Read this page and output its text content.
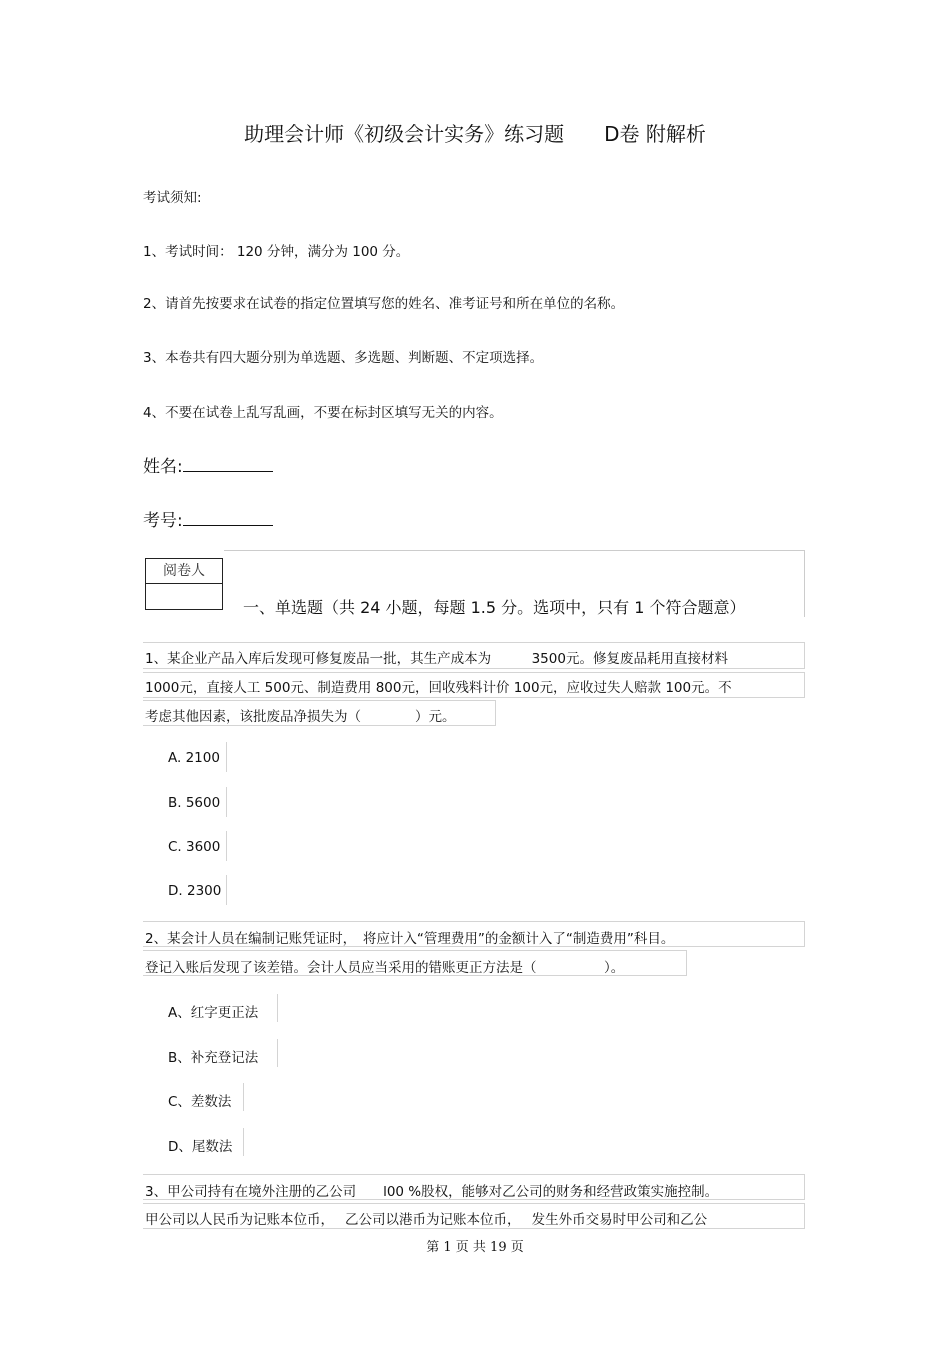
助理会计师《初级会计实务》练习题　　D卷 附解析
考试须知:
1、考试时间： 120 分钟，满分为 100 分。
2、请首先按要求在试卷的指定位置填写您的姓名、准考证号和所在单位的名称。
3、本卷共有四大题分别为单选题、多选题、判断题、不定项选择。
4、不要在试卷上乱写乱画，不要在标封区填写无关的内容。
姓名:
考号:
阅卷人
一、单选题（共 24 小题，每题 1.5 分。选项中，只有 1 个符合题意）
1、某企业产品入库后发现可修复废品一批，其生产成本为　　　3500元。修复废品耗用直接材料
1000元，直接人工 500元、制造费用 800元，回收残料计价 100元，应收过失人赔款 100元。不
考虑其他因素，该批废品净损失为（　　　　）元。
A. 2100
B. 5600
C. 3600
D. 2300
2、某会计人员在编制记账凭证时，　将应计入“管理费用”的金额计入了“制造费用”科目。
登记入账后发现了该差错。会计人员应当采用的错账更正方法是（　　　　　）。
A、红字更正法
B、补充登记法
C、差数法
D、尾数法
3、甲公司持有在境外注册的乙公司　　l00 %股权，能够对乙公司的财务和经营政策实施控制。
甲公司以人民币为记账本位币，　 乙公司以港币为记账本位币，　 发生外币交易时甲公司和乙公
第 1 页 共 19 页
